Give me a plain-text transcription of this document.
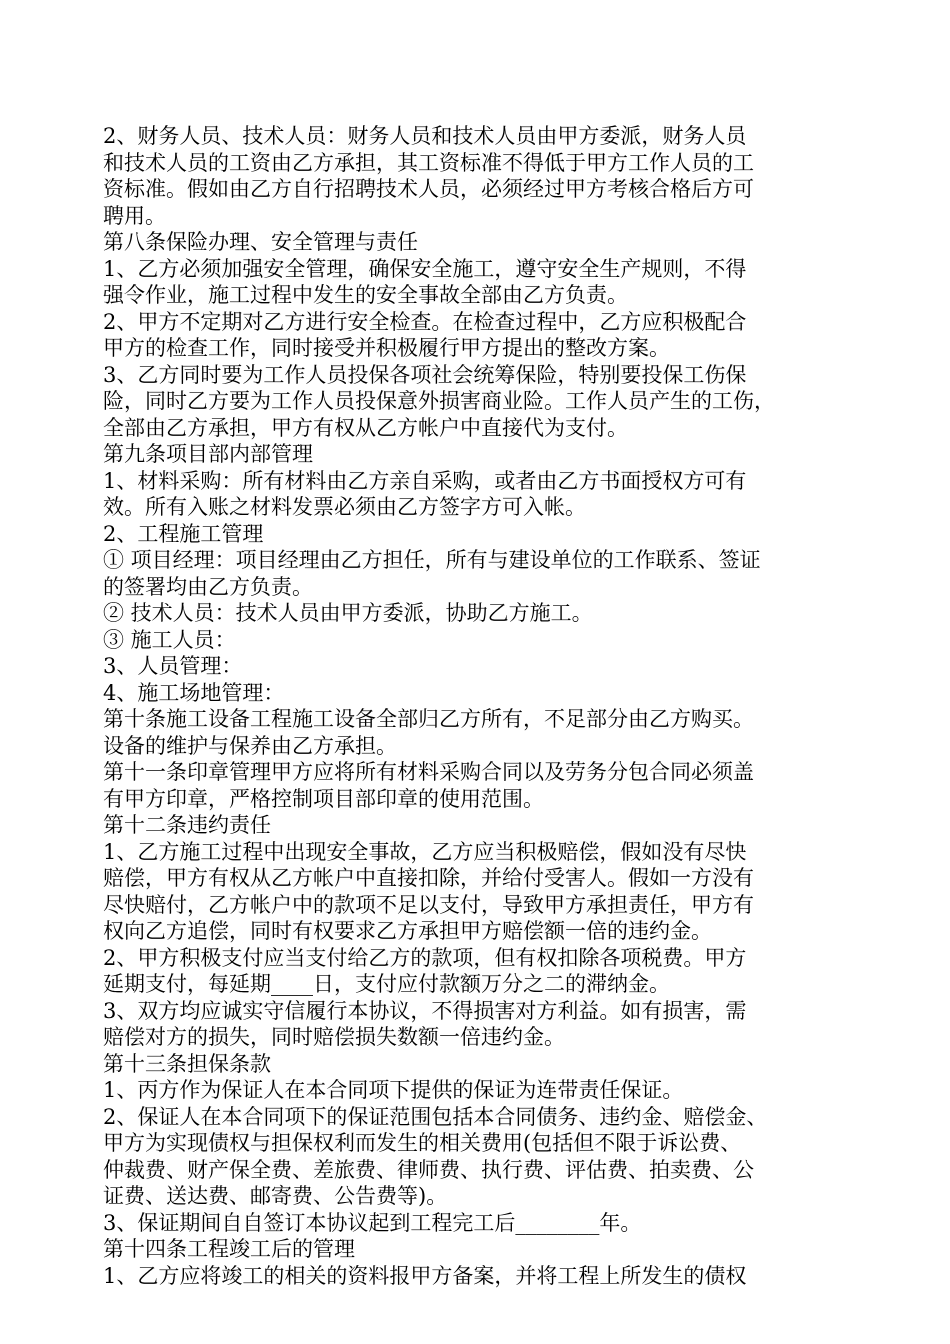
2、财务人员、技术人员：财务人员和技术人员由甲方委派，财务人员
和技术人员的工资由乙方承担，其工资标准不得低于甲方工作人员的工
资标准。假如由乙方自行招聘技术人员，必须经过甲方考核合格后方可
聘用。
第八条保险办理、安全管理与责任
1、乙方必须加强安全管理，确保安全施工，遵守安全生产规则，不得
强令作业，施工过程中发生的安全事故全部由乙方负责。
2、甲方不定期对乙方进行安全检查。在检查过程中，乙方应积极配合
甲方的检查工作，同时接受并积极履行甲方提出的整改方案。
3、乙方同时要为工作人员投保各项社会统筹保险，特别要投保工伤保
险，同时乙方要为工作人员投保意外损害商业险。工作人员产生的工伤，
全部由乙方承担，甲方有权从乙方帐户中直接代为支付。
第九条项目部内部管理
1、材料采购：所有材料由乙方亲自采购，或者由乙方书面授权方可有
效。所有入账之材料发票必须由乙方签字方可入帐。
2、工程施工管理
① 项目经理：项目经理由乙方担任，所有与建设单位的工作联系、签证
的签署均由乙方负责。
② 技术人员：技术人员由甲方委派，协助乙方施工。
③ 施工人员：
3、人员管理：
4、施工场地管理：
第十条施工设备工程施工设备全部归乙方所有，不足部分由乙方购买。
设备的维护与保养由乙方承担。
第十一条印章管理甲方应将所有材料采购合同以及劳务分包合同必须盖
有甲方印章，严格控制项目部印章的使用范围。
第十二条违约责任
1、乙方施工过程中出现安全事故，乙方应当积极赔偿，假如没有尽快
赔偿，甲方有权从乙方帐户中直接扣除，并给付受害人。假如一方没有
尽快赔付，乙方帐户中的款项不足以支付，导致甲方承担责任，甲方有
权向乙方追偿，同时有权要求乙方承担甲方赔偿额一倍的违约金。
2、甲方积极支付应当支付给乙方的款项，但有权扣除各项税费。甲方
延期支付，每延期____日，支付应付款额万分之二的滞纳金。
3、双方均应诚实守信履行本协议，不得损害对方利益。如有损害，需
赔偿对方的损失，同时赔偿损失数额一倍违约金。
第十三条担保条款
1、丙方作为保证人在本合同项下提供的保证为连带责任保证。
2、保证人在本合同项下的保证范围包括本合同债务、违约金、赔偿金、
甲方为实现债权与担保权利而发生的相关费用(包括但不限于诉讼费、
仲裁费、财产保全费、差旅费、律师费、执行费、评估费、拍卖费、公
证费、送达费、邮寄费、公告费等)。
3、保证期间自自签订本协议起到工程完工后________年。
第十四条工程竣工后的管理
1、乙方应将竣工的相关的资料报甲方备案，并将工程上所发生的债权
